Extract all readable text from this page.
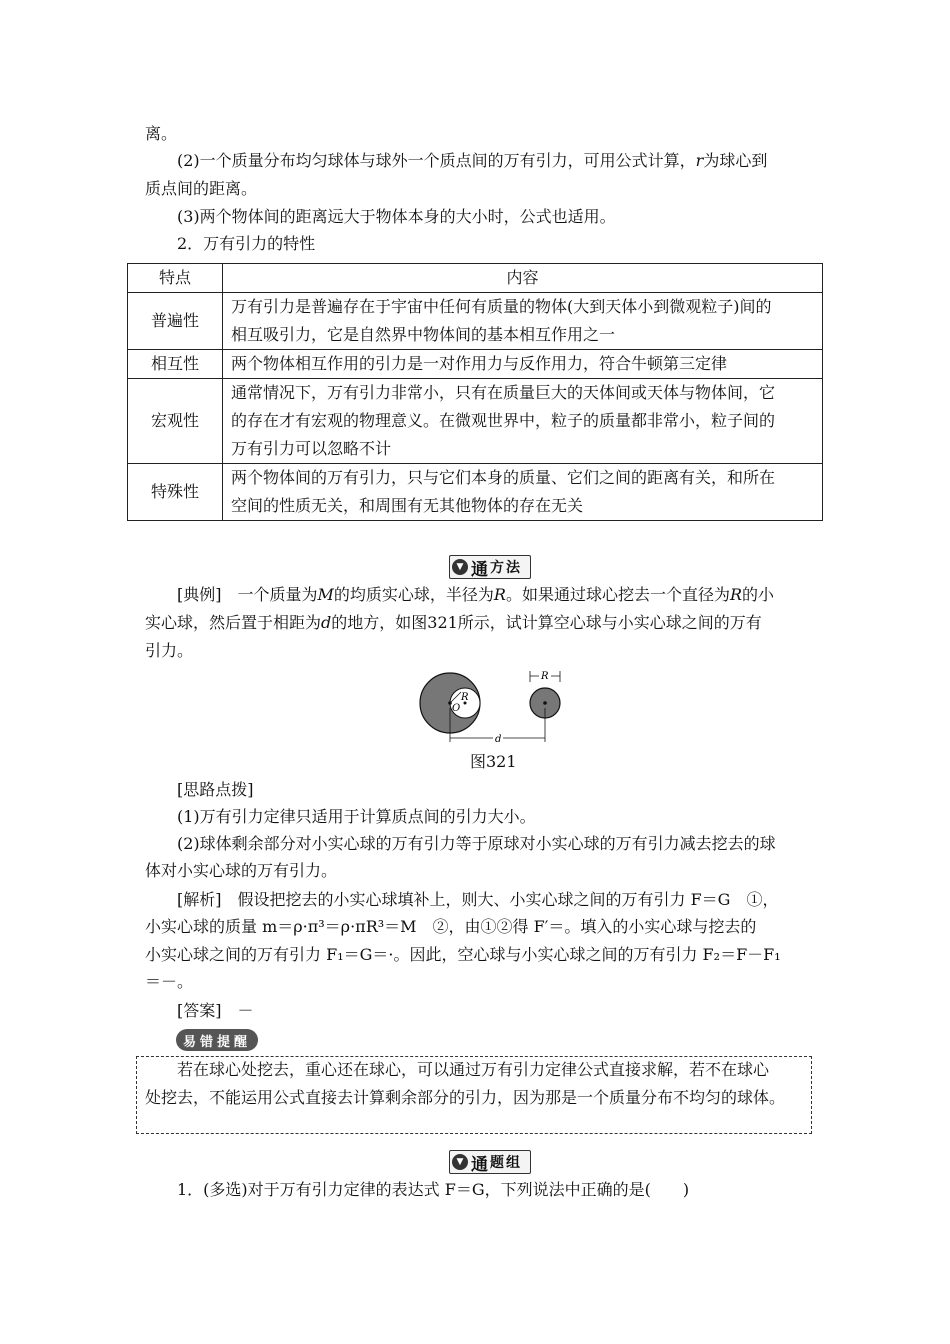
离。
(2)一个质量分布均匀球体与球外一个质点间的万有引力，可用公式计算，r为球心到
质点间的距离。
(3)两个物体间的距离远大于物体本身的大小时，公式也适用。
2．万有引力的特性
特点	内容
普遍性	万有引力是普遍存在于宇宙中任何有质量的物体(大到天体小到微观粒子)间的
相互吸引力，它是自然界中物体间的基本相互作用之一

相互性	两个物体相互作用的引力是一对作用力与反作用力，符合牛顿第三定律

宏观性	通常情况下，万有引力非常小，只有在质量巨大的天体间或天体与物体间，它
的存在才有宏观的物理意义。在微观世界中，粒子的质量都非常小，粒子间的
万有引力可以忽略不计

特殊性	两个物体间的万有引力，只与它们本身的质量、它们之间的距离有关，和所在
空间的性质无关，和周围有无其他物体的存在无关
▼ 通 方法
[典例]　一个质量为M的均质实心球，半径为R。如果通过球心挖去一个直径为R的小
实心球，然后置于相距为d的地方，如图321所示，试计算空心球与小实心球之间的万有
引力。
R
O
R
d
图321
[思路点拨]
(1)万有引力定律只适用于计算质点间的引力大小。
(2)球体剩余部分对小实心球的万有引力等于原球对小实心球的万有引力减去挖去的球
体对小实心球的万有引力。
[解析]　假设把挖去的小实心球填补上，则大、小实心球之间的万有引力 F＝G　①，
小实心球的质量 m＝ρ·π³＝ρ·πR³＝M　②，由①②得 F′＝。填入的小实心球与挖去的
小实心球之间的万有引力 F₁＝G＝·。因此，空心球与小实心球之间的万有引力 F₂＝F－F₁
＝－。
[答案]　－
易错提醒
若在球心处挖去，重心还在球心，可以通过万有引力定律公式直接求解，若不在球心
处挖去，不能运用公式直接去计算剩余部分的引力，因为那是一个质量分布不均匀的球体。
▼ 通 题组
1．(多选)对于万有引力定律的表达式 F＝G，下列说法中正确的是(　　)
